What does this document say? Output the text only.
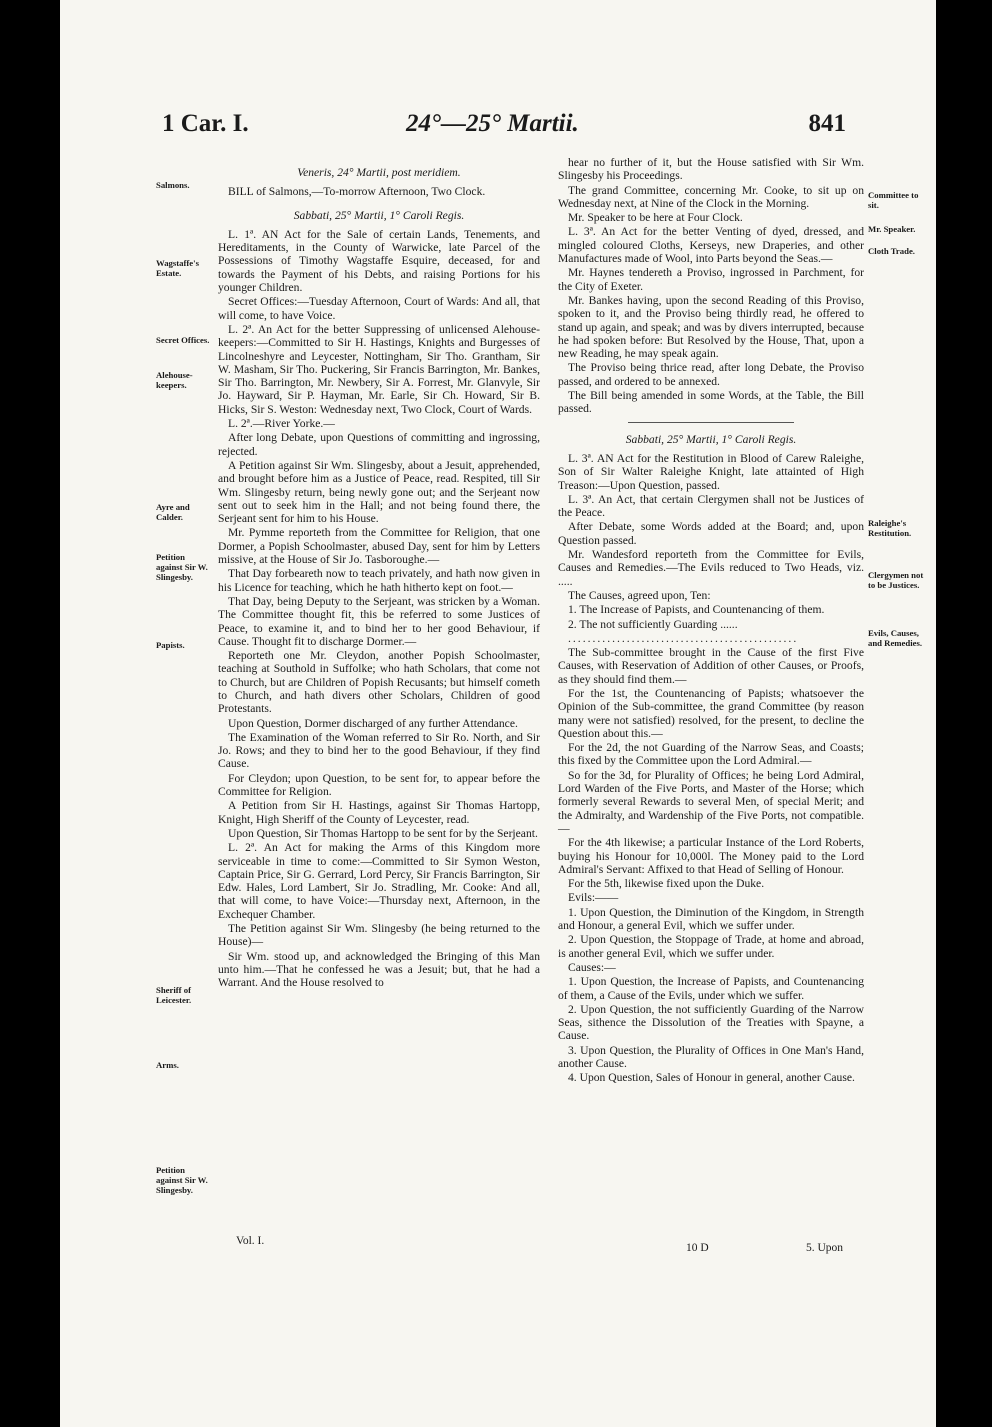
1 Car. I.	24°—25° Martii.	841
Salmons.
Wagstaffe's Estate.
Secret Offices.
Alehouse-keepers.
Ayre and Calder.
Petition against Sir W. Slingesby.
Papists.
Sheriff of Leicester.
Arms.
Petition against Sir W. Slingesby.
Committee to sit.
Mr. Speaker.
Cloth Trade.
Raleighe's Restitution.
Clergymen not to be Justices.
Evils, Causes, and Remedies.

Veneris, 24° Martii, post meridiem.

BILL of Salmons,—To-morrow Afternoon, Two Clock.

Sabbati, 25° Martii, 1° Caroli Regis.

L. 1ª. AN Act for the Sale of certain Lands, Tenements, and Hereditaments, in the County of Warwicke, late Parcel of the Possessions of Timothy Wagstaffe Esquire, deceased, for and towards the Payment of his Debts, and raising Portions for his younger Children.

Secret Offices:—Tuesday Afternoon, Court of Wards: And all, that will come, to have Voice.

L. 2ª. An Act for the better Suppressing of unlicensed Alehouse-keepers:—Committed to Sir H. Hastings, Knights and Burgesses of Lincolneshyre and Leycester, Nottingham, Sir Tho. Grantham, Sir W. Masham, Sir Tho. Puckering, Sir Francis Barrington, Mr. Bankes, Sir Tho. Barrington, Mr. Newbery, Sir A. Forrest, Mr. Glanvyle, Sir Jo. Hayward, Sir P. Hayman, Mr. Earle, Sir Ch. Howard, Sir B. Hicks, Sir S. Weston: Wednesday next, Two Clock, Court of Wards.

L. 2ª.—River Yorke.—

After long Debate, upon Questions of committing and ingrossing, rejected.

A Petition against Sir Wm. Slingesby, about a Jesuit, apprehended, and brought before him as a Justice of Peace, read. Respited, till Sir Wm. Slingesby return, being newly gone out; and the Serjeant now sent out to seek him in the Hall; and not being found there, the Serjeant sent for him to his House.

Mr. Pymme reporteth from the Committee for Religion, that one Dormer, a Popish Schoolmaster, abused Day, sent for him by Letters missive, at the House of Sir Jo. Tasboroughe.—

That Day forbeareth now to teach privately, and hath now given in his Licence for teaching, which he hath hitherto kept on foot.—

That Day, being Deputy to the Serjeant, was stricken by a Woman. The Committee thought fit, this be referred to some Justices of Peace, to examine it, and to bind her to her good Behaviour, if Cause. Thought fit to discharge Dormer.—

Reporteth one Mr. Cleydon, another Popish Schoolmaster, teaching at Southold in Suffolke; who hath Scholars, that come not to Church, but are Children of Popish Recusants; but himself cometh to Church, and hath divers other Scholars, Children of good Protestants.

Upon Question, Dormer discharged of any further Attendance.

The Examination of the Woman referred to Sir Ro. North, and Sir Jo. Rows; and they to bind her to the good Behaviour, if they find Cause.

For Cleydon; upon Question, to be sent for, to appear before the Committee for Religion.

A Petition from Sir H. Hastings, against Sir Thomas Hartopp, Knight, High Sheriff of the County of Leycester, read.

Upon Question, Sir Thomas Hartopp to be sent for by the Serjeant.

L. 2ª. An Act for making the Arms of this Kingdom more serviceable in time to come:—Committed to Sir Symon Weston, Captain Price, Sir G. Gerrard, Lord Percy, Sir Francis Barrington, Sir Edw. Hales, Lord Lambert, Sir Jo. Stradling, Mr. Cooke: And all, that will come, to have Voice:—Thursday next, Afternoon, in the Exchequer Chamber.

The Petition against Sir Wm. Slingesby (he being returned to the House)—

Sir Wm. stood up, and acknowledged the Bringing of this Man unto him.—That he confessed he was a Jesuit; but, that he had a Warrant. And the House resolved to

hear no further of it, but the House satisfied with Sir Wm. Slingesby his Proceedings.

The grand Committee, concerning Mr. Cooke, to sit up on Wednesday next, at Nine of the Clock in the Morning.

Mr. Speaker to be here at Four Clock.

L. 3ª. An Act for the better Venting of dyed, dressed, and mingled coloured Cloths, Kerseys, new Draperies, and other Manufactures made of Wool, into Parts beyond the Seas.—

Mr. Haynes tendereth a Proviso, ingrossed in Parchment, for the City of Exeter.

Mr. Bankes having, upon the second Reading of this Proviso, spoken to it, and the Proviso being thirdly read, he offered to stand up again, and speak; and was by divers interrupted, because he had spoken before: But Resolved by the House, That, upon a new Reading, he may speak again.

The Proviso being thrice read, after long Debate, the Proviso passed, and ordered to be annexed.

The Bill being amended in some Words, at the Table, the Bill passed.

Sabbati, 25° Martii, 1° Caroli Regis.

L. 3ª. AN Act for the Restitution in Blood of Carew Raleighe, Son of Sir Walter Raleighe Knight, late attainted of High Treason:—Upon Question, passed.

L. 3ª. An Act, that certain Clergymen shall not be Justices of the Peace.

After Debate, some Words added at the Board; and, upon Question passed.

Mr. Wandesford reporteth from the Committee for Evils, Causes and Remedies.—The Evils reduced to Two Heads, viz. .....

The Causes, agreed upon, Ten:

1. The Increase of Papists, and Countenancing of them.

2. The not sufficiently Guarding ......

...............................................

The Sub-committee brought in the Cause of the first Five Causes, with Reservation of Addition of other Causes, or Proofs, as they should find them.—

For the 1st, the Countenancing of Papists; whatsoever the Opinion of the Sub-committee, the grand Committee (by reason many were not satisfied) resolved, for the present, to decline the Question about this.—

For the 2d, the not Guarding of the Narrow Seas, and Coasts; this fixed by the Committee upon the Lord Admiral.—

So for the 3d, for Plurality of Offices; he being Lord Admiral, Lord Warden of the Five Ports, and Master of the Horse; which formerly several Rewards to several Men, of special Merit; and the Admiralty, and Wardenship of the Five Ports, not compatible.—

For the 4th likewise; a particular Instance of the Lord Roberts, buying his Honour for 10,000l. The Money paid to the Lord Admiral's Servant: Affixed to that Head of Selling of Honour.

For the 5th, likewise fixed upon the Duke.

Evils:——

1. Upon Question, the Diminution of the Kingdom, in Strength and Honour, a general Evil, which we suffer under.

2. Upon Question, the Stoppage of Trade, at home and abroad, is another general Evil, which we suffer under.

Causes:—

1. Upon Question, the Increase of Papists, and Countenancing of them, a Cause of the Evils, under which we suffer.

2. Upon Question, the not sufficiently Guarding of the Narrow Seas, sithence the Dissolution of the Treaties with Spayne, a Cause.

3. Upon Question, the Plurality of Offices in One Man's Hand, another Cause.

4. Upon Question, Sales of Honour in general, another Cause.

Vol. I.
10 D	5. Upon
